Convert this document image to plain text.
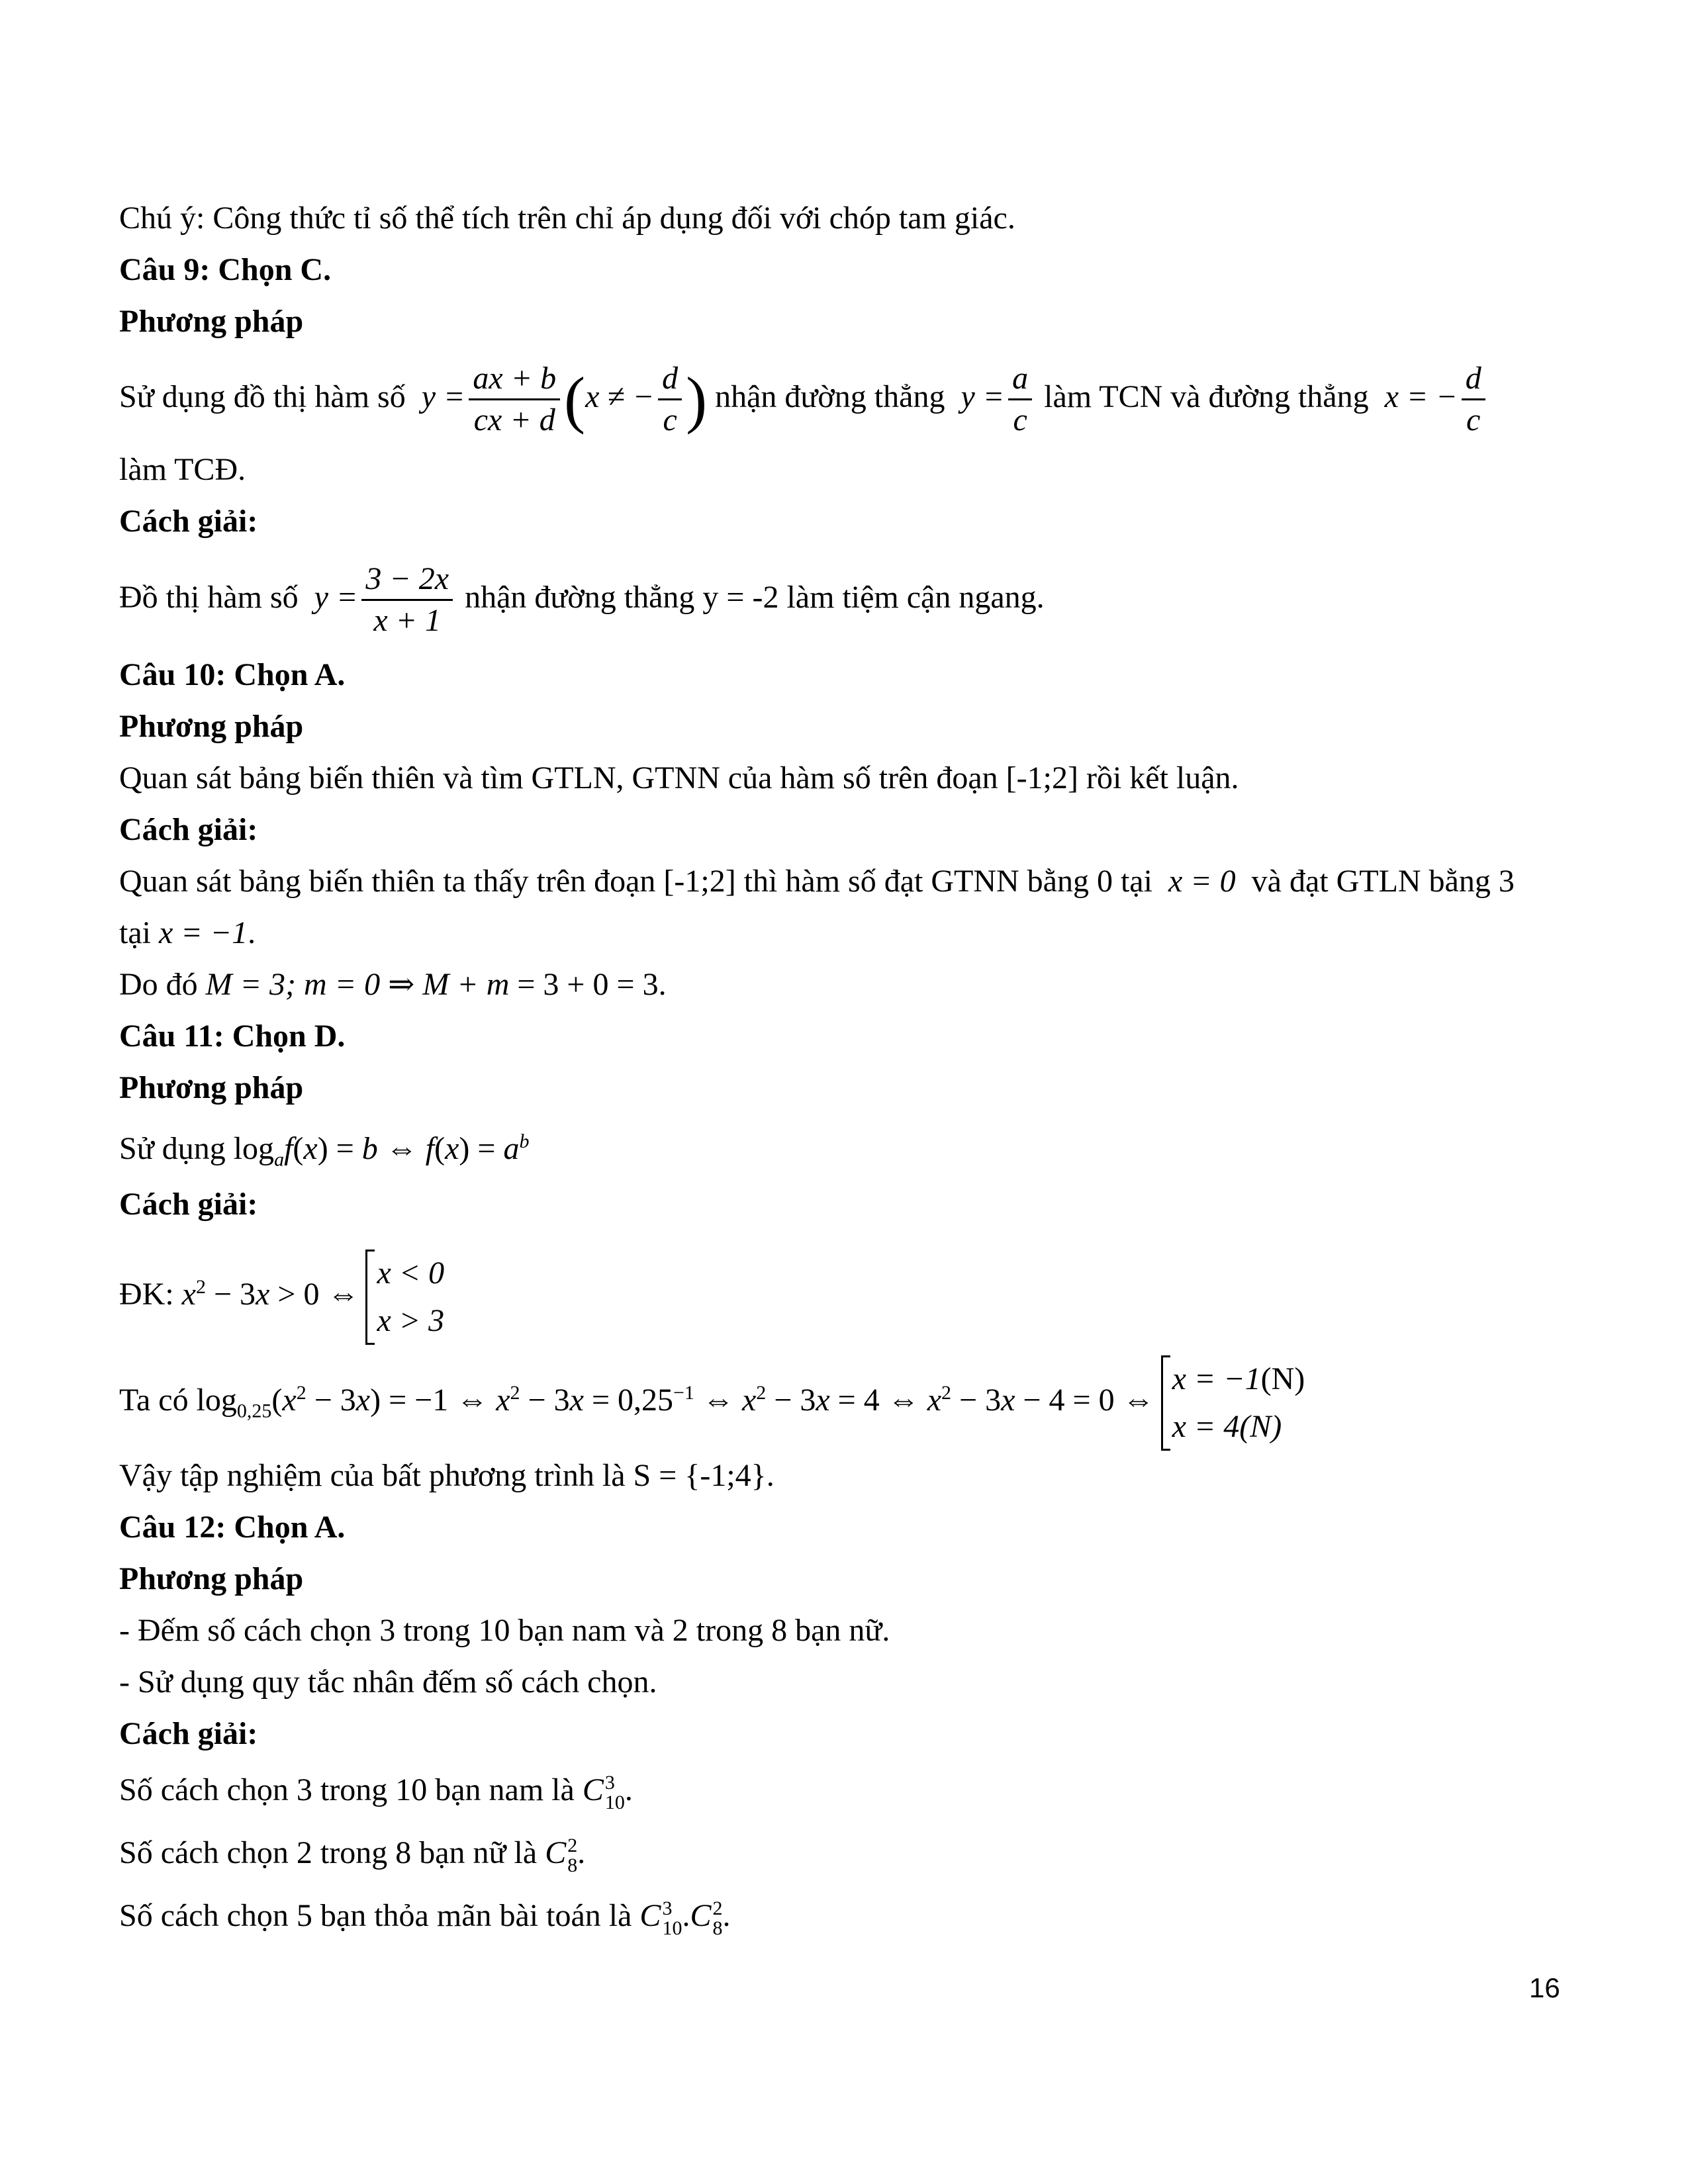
Chú ý: Công thức tỉ số thể tích trên chỉ áp dụng đối với chóp tam giác.
Câu 9: Chọn C.
Phương pháp
Sử dụng đồ thị hàm số  $y = \frac{ax + b}{cx + d} (x$ ≠ − $\frac{d}{c}$ ) nhận đường thẳng  $y = \frac{a}{c}$ làm TCN và đường thẳng  x = − $\frac{d}{c}$
làm TCĐ.
Cách giải:
Đồ thị hàm số  $y = \frac{3 - 2x}{x + 1}$ nhận đường thẳng y = -2 làm tiệm cận ngang.
Câu 10: Chọn A.
Phương pháp
Quan sát bảng biến thiên và tìm GTLN, GTNN của hàm số trên đoạn [-1;2] rồi kết luận.
Cách giải:
Quan sát bảng biến thiên ta thấy trên đoạn [-1;2] thì hàm số đạt GTNN bằng 0 tại  x = 0  và đạt GTLN bằng 3
tại x = −1.
Do đó M = 3; m = 0 ⇒ M + m = 3 + 0 = 3.
Câu 11: Chọn D.
Phương pháp
Sử dụng $\log_af(x) = b$ ⇔ $f(x) = a^b$
Cách giải:
ĐK: $x^2 - 3x > 0$ ⇔
x < 0
x > 3
Ta có $\log_{0,25}(x^2 - 3x) = -1$ ⇔ $x^2 - 3x = 0,25^{-1}$ ⇔ $x^2 - 3x = 4$ ⇔ $x^2 - 3x - 4 = 0$ ⇔
x = −1(N)
x = 4(N)
Vậy tập nghiệm của bất phương trình là S = {-1;4}.
Câu 12: Chọn A.
Phương pháp
- Đếm số cách chọn 3 trong 10 bạn nam và 2 trong 8 bạn nữ.
- Sử dụng quy tắc nhân đếm số cách chọn.
Cách giải:
Số cách chọn 3 trong 10 bạn nam là C 3
10 .
Số cách chọn 2 trong 8 bạn nữ là C 2
8 .
Số cách chọn 5 bạn thỏa mãn bài toán là C 3
10 .C 2
8 .
16
